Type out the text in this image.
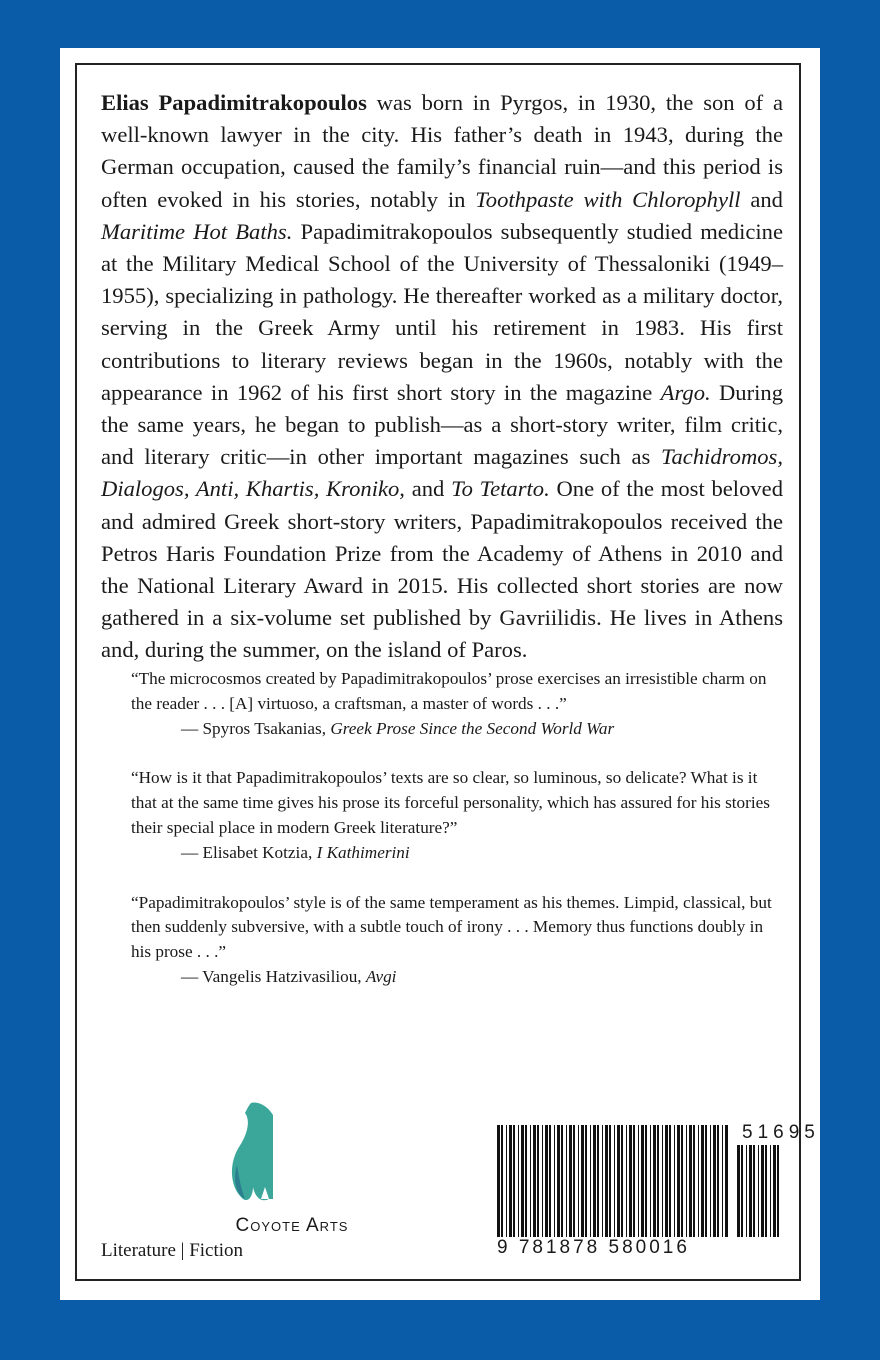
Elias Papadimitrakopoulos was born in Pyrgos, in 1930, the son of a well-known lawyer in the city. His father’s death in 1943, during the German occupation, caused the family’s financial ruin—and this period is often evoked in his stories, notably in Toothpaste with Chlorophyll and Maritime Hot Baths. Papadimitrakopoulos subsequently studied medicine at the Military Medical School of the University of Thessaloniki (1949–1955), specializing in pathology. He thereafter worked as a military doctor, serving in the Greek Army until his retirement in 1983. His first contributions to literary reviews began in the 1960s, notably with the appearance in 1962 of his first short story in the magazine Argo. During the same years, he began to publish—as a short-story writer, film critic, and literary critic—in other important magazines such as Tachidromos, Dialogos, Anti, Khartis, Kroniko, and To Tetarto. One of the most beloved and admired Greek short-story writers, Papadimitrakopoulos received the Petros Haris Foundation Prize from the Academy of Athens in 2010 and the National Literary Award in 2015. His collected short stories are now gathered in a six-volume set published by Gavriilidis. He lives in Athens and, during the summer, on the island of Paros.

“The microcosmos created by Papadimitrakopoulos’ prose exercises an irresistible charm on the reader . . . [A] virtuoso, a craftsman, a master of words . . .”
— Spyros Tsakanias, Greek Prose Since the Second World War

“How is it that Papadimitrakopoulos’ texts are so clear, so luminous, so delicate? What is it that at the same time gives his prose its forceful personality, which has assured for his stories their special place in modern Greek literature?”
— Elisabet Kotzia, I Kathimerini

“Papadimitrakopoulos’ style is of the same temperament as his themes. Limpid, classical, but then suddenly subversive, with a subtle touch of irony . . . Memory thus functions doubly in his prose . . .”
— Vangelis Hatzivasiliou, Avgi

Coyote Arts
Literature | Fiction	9 781878 580016
51695
